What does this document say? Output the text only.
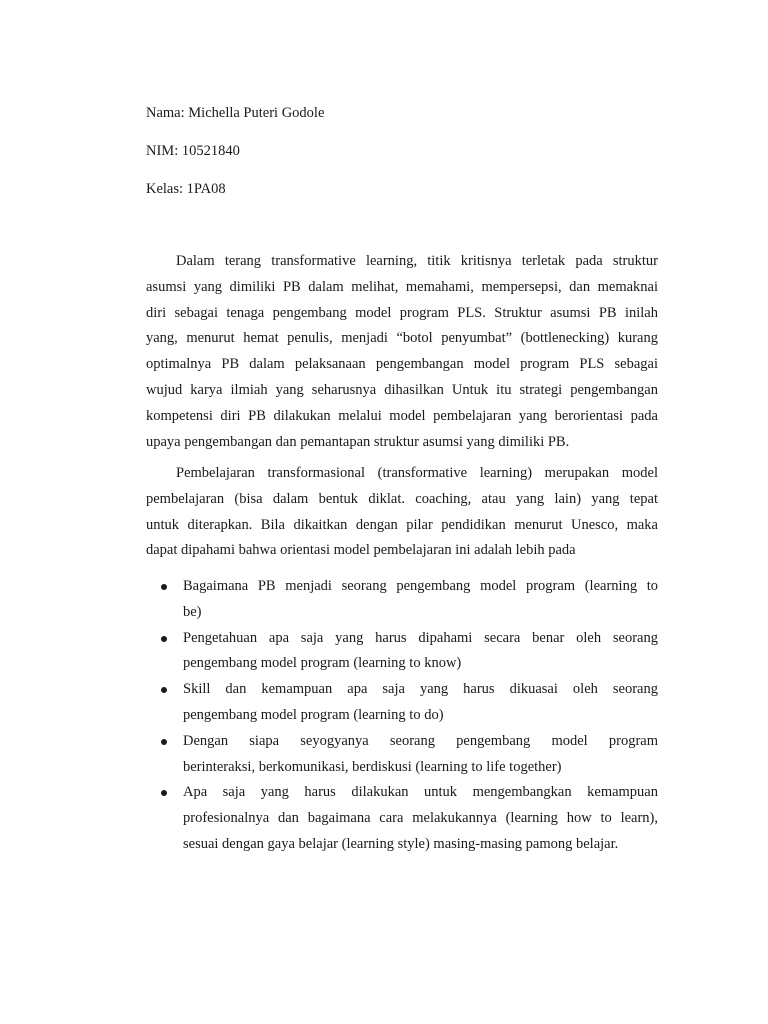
Nama: Michella Puteri Godole

NIM: 10521840

Kelas: 1PA08

Dalam terang transformative learning, titik kritisnya terletak pada struktur
asumsi yang dimiliki PB dalam melihat, memahami, mempersepsi, dan memaknai
diri sebagai tenaga pengembang model program PLS. Struktur asumsi PB inilah
yang, menurut hemat penulis, menjadi “botol penyumbat” (bottlenecking) kurang
optimalnya PB dalam pelaksanaan pengembangan model program PLS sebagai
wujud karya ilmiah yang seharusnya dihasilkan Untuk itu strategi pengembangan
kompetensi diri PB dilakukan melalui model pembelajaran yang berorientasi pada
upaya pengembangan dan pemantapan struktur asumsi yang dimiliki PB.
Pembelajaran transformasional (transformative learning) merupakan model
pembelajaran (bisa dalam bentuk diklat. coaching, atau yang lain) yang tepat
untuk diterapkan. Bila dikaitkan dengan pilar pendidikan menurut Unesco, maka
dapat dipahami bahwa orientasi model pembelajaran ini adalah lebih pada
Bagaimana PB menjadi seorang pengembang model program (learning to
be)
Pengetahuan apa saja yang harus dipahami secara benar oleh seorang
pengembang model program (learning to know)
Skill dan kemampuan apa saja yang harus dikuasai oleh seorang
pengembang model program (learning to do)
Dengan siapa seyogyanya seorang pengembang model program
berinteraksi, berkomunikasi, berdiskusi (learning to life together)
Apa saja yang harus dilakukan untuk mengembangkan kemampuan
profesionalnya dan bagaimana cara melakukannya (learning how to learn),
sesuai dengan gaya belajar (learning style) masing-masing pamong belajar.
